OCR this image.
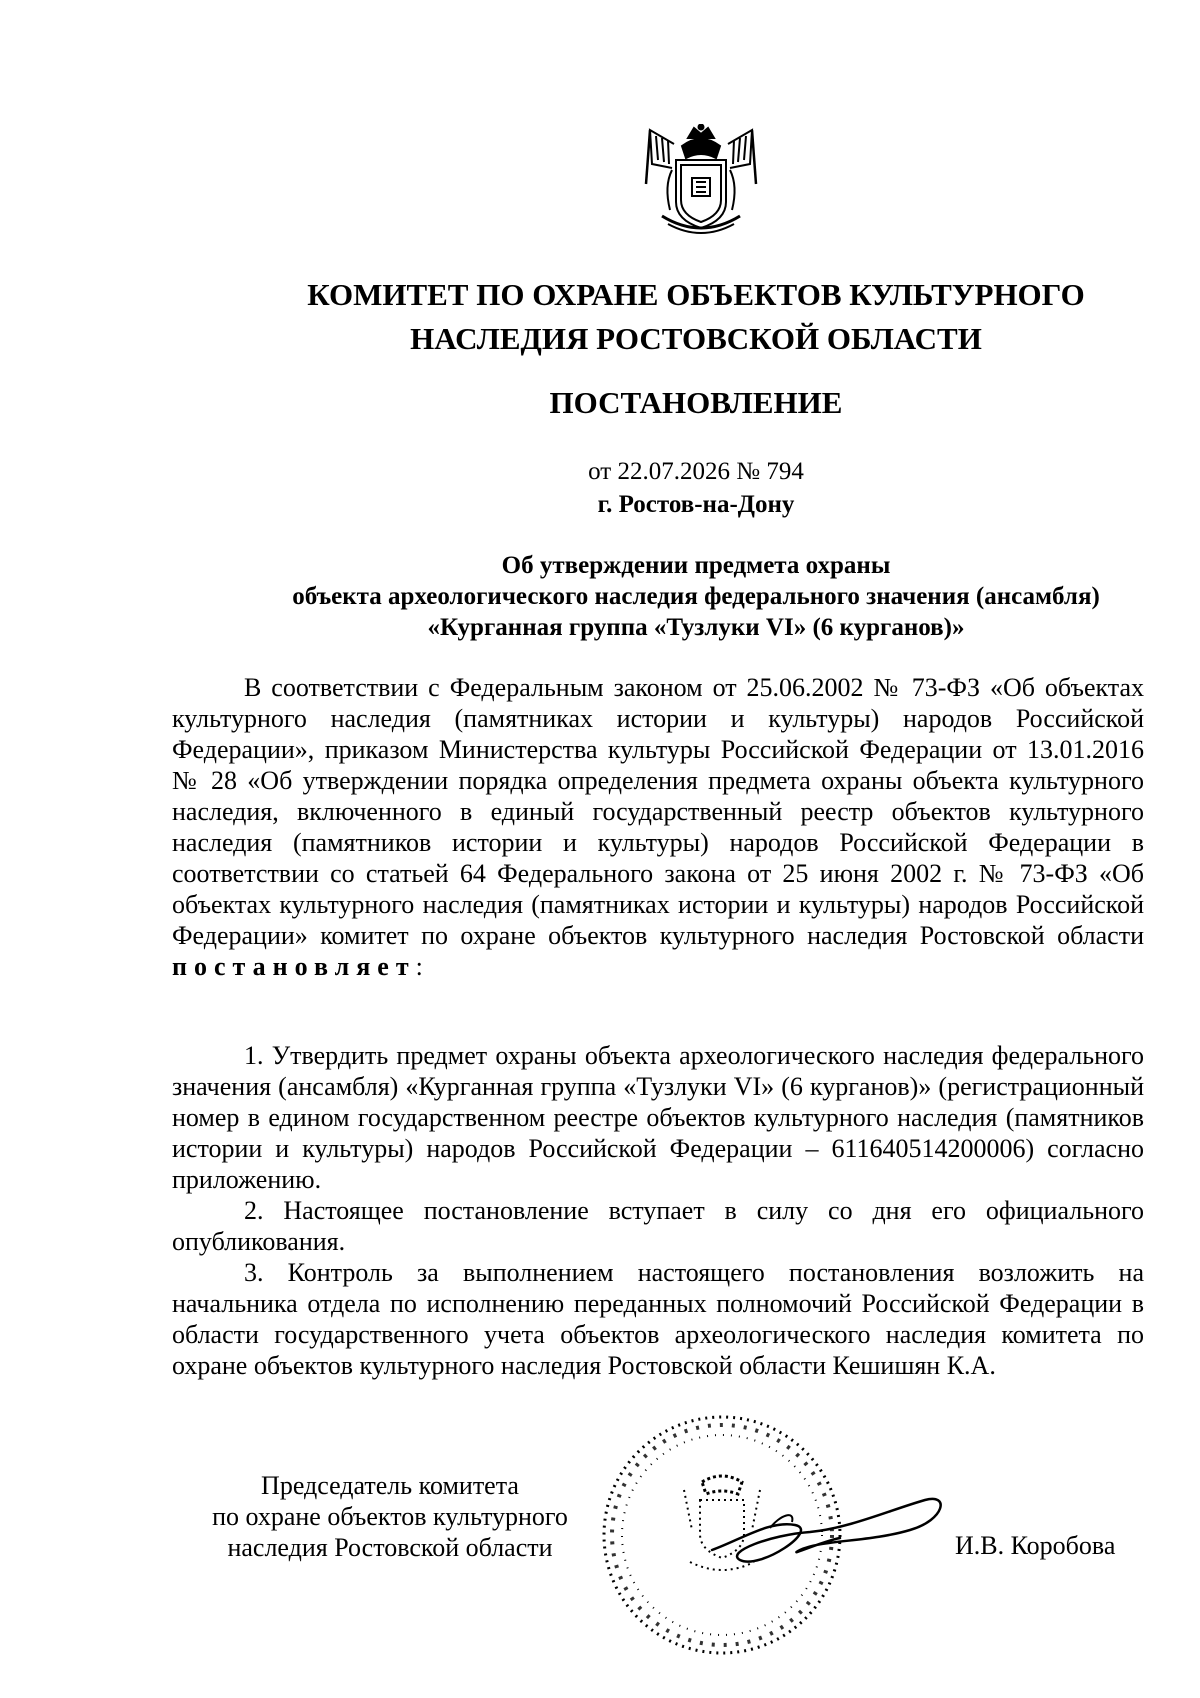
КОМИТЕТ ПО ОХРАНЕ ОБЪЕКТОВ КУЛЬТУРНОГО
НАСЛЕДИЯ РОСТОВСКОЙ ОБЛАСТИ
ПОСТАНОВЛЕНИЕ
от 22.07.2026 № 794
г. Ростов-на-Дону
Об утверждении предмета охраны
объекта археологического наследия федерального значения (ансамбля)
«Курганная группа «Тузлуки VI» (6 курганов)»

В соответствии с Федеральным законом от 25.06.2002 № 73-ФЗ «Об объектах культурного наследия (памятниках истории и культуры) народов Российской Федерации», приказом Министерства культуры Российской Федерации от 13.01.2016 № 28 «Об утверждении порядка определения предмета охраны объекта культурного наследия, включенного в единый государственный реестр объектов культурного наследия (памятников истории и культуры) народов Российской Федерации в соответствии со статьей 64 Федерального закона от 25 июня 2002 г. № 73-ФЗ «Об объектах культурного наследия (памятниках истории и культуры) народов Российской Федерации» комитет по охране объектов культурного наследия Ростовской области постановляет:

1. Утвердить предмет охраны объекта археологического наследия федерального значения (ансамбля) «Курганная группа «Тузлуки VI» (6 курганов)» (регистрационный номер в едином государственном реестре объектов культурного наследия (памятников истории и культуры) народов Российской Федерации – 611640514200006) согласно приложению.

2. Настоящее постановление вступает в силу со дня его официального опубликования.

3. Контроль за выполнением настоящего постановления возложить на начальника отдела по исполнению переданных полномочий Российской Федерации в области государственного учета объектов археологического наследия комитета по охране объектов культурного наследия Ростовской области Кешишян К.А.

Председатель комитета
по охране объектов культурного
наследия Ростовской области	И.В. Коробова
